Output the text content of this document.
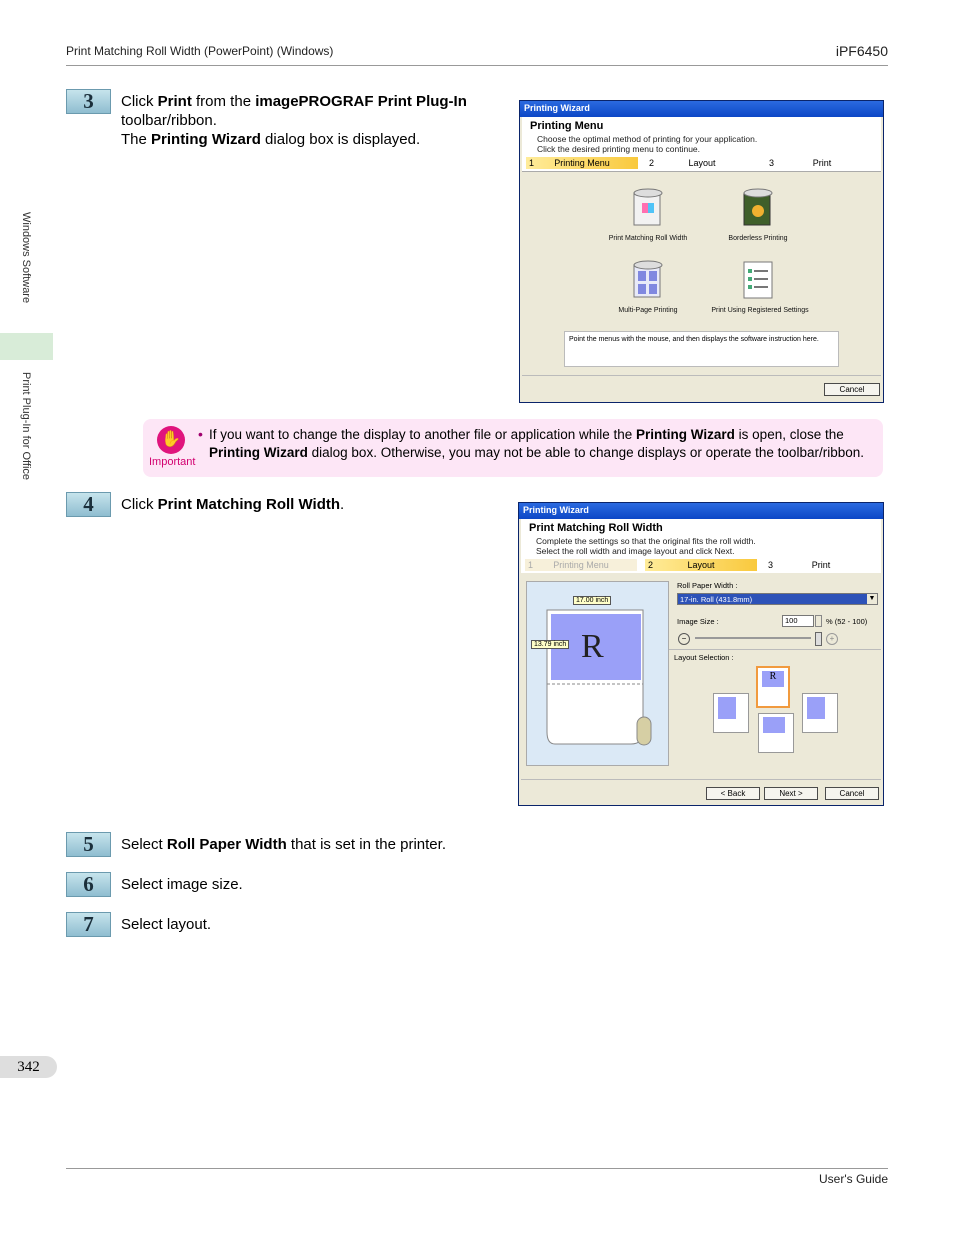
Print Matching Roll Width (PowerPoint) (Windows)	iPF6450
User's Guide
Windows Software
Print Plug-In for Office
342
3	Click Print from the imagePROGRAF Print Plug-In toolbar/ribbon.
The Printing Wizard dialog box is displayed.
Printing Wizard
Printing Menu
Choose the optimal method of printing for your application.
Click the desired printing menu to continue.
1	Printing Menu	2	Layout	3	Print
Print Matching Roll Width	Borderless Printing
Multi-Page Printing	Print Using Registered Settings
Point the menus with the mouse, and then displays the software instruction here.
Cancel
✋
Important
• If you want to change the display to another file or application while the Printing Wizard is open, close the Printing Wizard dialog box. Otherwise, you may not be able to change displays or operate the toolbar/ribbon.
4	Click Print Matching Roll Width.	Printing Wizard
Print Matching Roll Width
Complete the settings so that the original fits the roll width.
Select the roll width and image layout and click Next.
1	Printing Menu	2	Layout	3	Print
17.00 inch
13.79 inch R
Roll Paper Width :
17-in. Roll (431.8mm)	▼
Image Size :	100	% (52 - 100)
−	+
Layout Selection :
R
< Back	Next >	Cancel
5	Select Roll Paper Width that is set in the printer.
6	Select image size.
7	Select layout.
